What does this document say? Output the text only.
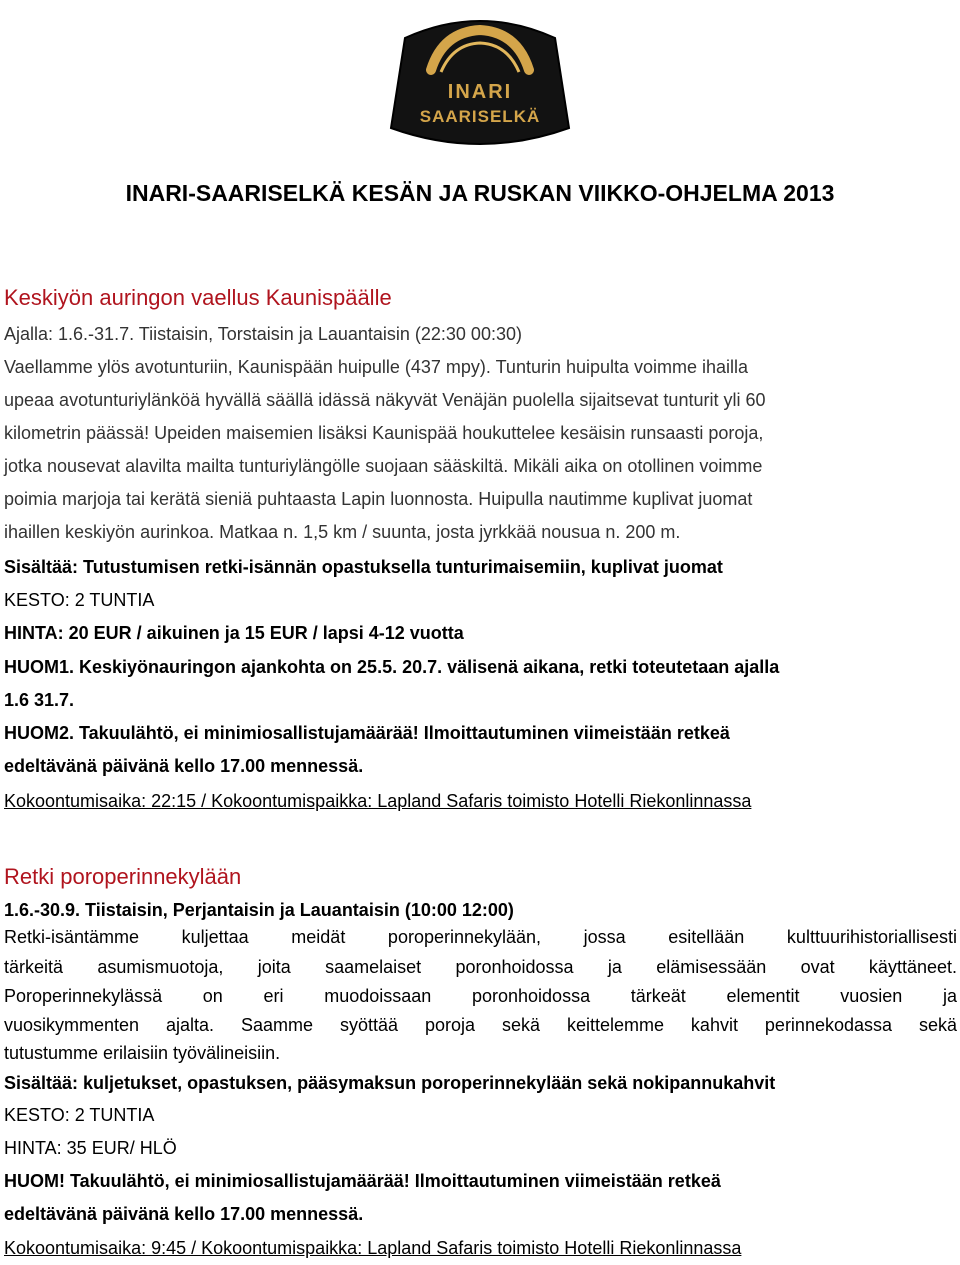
INARI
SAARISELKÄ
INARI-SAARISELKÄ KESÄN JA RUSKAN VIIKKO-OHJELMA 2013
Keskiyön auringon vaellus Kaunispäälle
Ajalla: 1.6.-31.7. Tiistaisin, Torstaisin ja Lauantaisin (22:30 00:30)
Vaellamme ylös avotunturiin, Kaunispään huipulle (437 mpy). Tunturin huipulta voimme ihailla
upeaa avotunturiylänköä hyvällä säällä idässä näkyvät Venäjän puolella sijaitsevat tunturit yli 60
kilometrin päässä! Upeiden maisemien lisäksi Kaunispää houkuttelee kesäisin runsaasti poroja,
jotka nousevat alavilta mailta tunturiylängölle suojaan sääskiltä. Mikäli aika on otollinen voimme
poimia marjoja tai kerätä sieniä puhtaasta Lapin luonnosta. Huipulla nautimme kuplivat juomat
ihaillen keskiyön aurinkoa. Matkaa n. 1,5 km / suunta, josta jyrkkää nousua n. 200 m.
Sisältää: Tutustumisen retki-isännän opastuksella tunturimaisemiin, kuplivat juomat
KESTO: 2 TUNTIA
HINTA: 20 EUR / aikuinen ja 15 EUR / lapsi 4-12 vuotta
HUOM1. Keskiyönauringon ajankohta on 25.5. 20.7. välisenä aikana, retki toteutetaan ajalla
1.6 31.7.
HUOM2. Takuulähtö, ei minimiosallistujamäärää! Ilmoittautuminen viimeistään retkeä
edeltävänä päivänä kello 17.00 mennessä.
Kokoontumisaika: 22:15 / Kokoontumispaikka: Lapland Safaris toimisto Hotelli Riekonlinnassa
Retki poroperinnekylään
1.6.-30.9. Tiistaisin, Perjantaisin ja Lauantaisin (10:00 12:00)
Retki-isäntämme kuljettaa meidät poroperinnekylään, jossa esitellään kulttuurihistoriallisesti
tärkeitä asumismuotoja, joita saamelaiset poronhoidossa ja elämisessään ovat käyttäneet.
Poroperinnekylässä on eri muodoissaan poronhoidossa tärkeät elementit vuosien ja
vuosikymmenten ajalta. Saamme syöttää poroja sekä keittelemme kahvit perinnekodassa sekä
tutustumme erilaisiin työvälineisiin.
Sisältää: kuljetukset, opastuksen, pääsymaksun poroperinnekylään sekä nokipannukahvit
KESTO: 2 TUNTIA
HINTA: 35 EUR/ HLÖ
HUOM! Takuulähtö, ei minimiosallistujamäärää! Ilmoittautuminen viimeistään retkeä
edeltävänä päivänä kello 17.00 mennessä.
Kokoontumisaika: 9:45 / Kokoontumispaikka: Lapland Safaris toimisto Hotelli Riekonlinnassa
